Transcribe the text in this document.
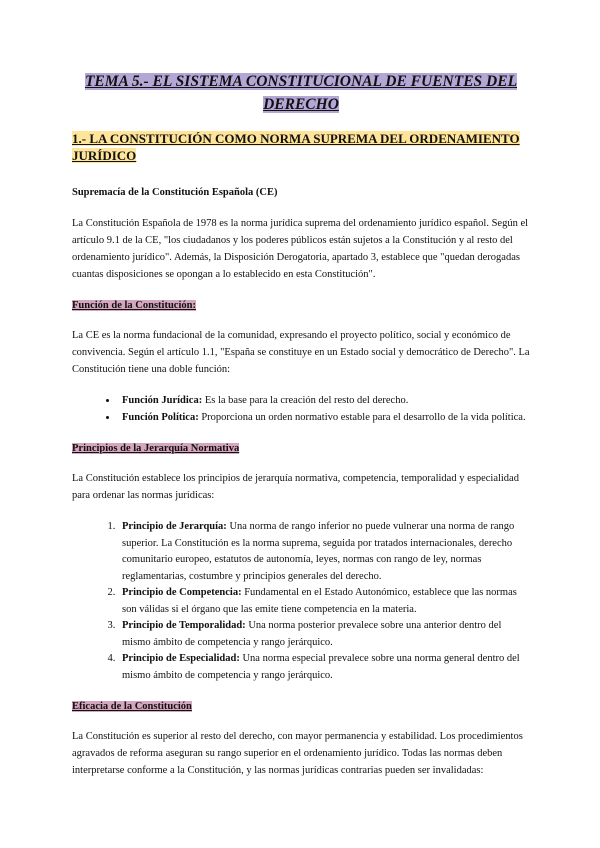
TEMA 5.- EL SISTEMA CONSTITUCIONAL DE FUENTES DEL DERECHO
1.- LA CONSTITUCIÓN COMO NORMA SUPREMA DEL ORDENAMIENTO JURÍDICO
Supremacía de la Constitución Española (CE)

La Constitución Española de 1978 es la norma jurídica suprema del ordenamiento jurídico español. Según el artículo 9.1 de la CE, "los ciudadanos y los poderes públicos están sujetos a la Constitución y al resto del ordenamiento jurídico". Además, la Disposición Derogatoria, apartado 3, establece que "quedan derogadas cuantas disposiciones se opongan a lo establecido en esta Constitución".

Función de la Constitución:

La CE es la norma fundacional de la comunidad, expresando el proyecto político, social y económico de convivencia. Según el artículo 1.1, "España se constituye en un Estado social y democrático de Derecho". La Constitución tiene una doble función:

• Función Jurídica: Es la base para la creación del resto del derecho.
• Función Política: Proporciona un orden normativo estable para el desarrollo de la vida política.
Principios de la Jerarquía Normativa

La Constitución establece los principios de jerarquía normativa, competencia, temporalidad y especialidad para ordenar las normas jurídicas:

1. Principio de Jerarquía: Una norma de rango inferior no puede vulnerar una norma de rango superior. La Constitución es la norma suprema, seguida por tratados internacionales, derecho comunitario europeo, estatutos de autonomía, leyes, normas con rango de ley, normas reglamentarias, costumbre y principios generales del derecho.
2. Principio de Competencia: Fundamental en el Estado Autonómico, establece que las normas son válidas si el órgano que las emite tiene competencia en la materia.
3. Principio de Temporalidad: Una norma posterior prevalece sobre una anterior dentro del mismo ámbito de competencia y rango jerárquico.
4. Principio de Especialidad: Una norma especial prevalece sobre una norma general dentro del mismo ámbito de competencia y rango jerárquico.
Eficacia de la Constitución

La Constitución es superior al resto del derecho, con mayor permanencia y estabilidad. Los procedimientos agravados de reforma aseguran su rango superior en el ordenamiento jurídico. Todas las normas deben interpretarse conforme a la Constitución, y las normas jurídicas contrarias pueden ser invalidadas:
